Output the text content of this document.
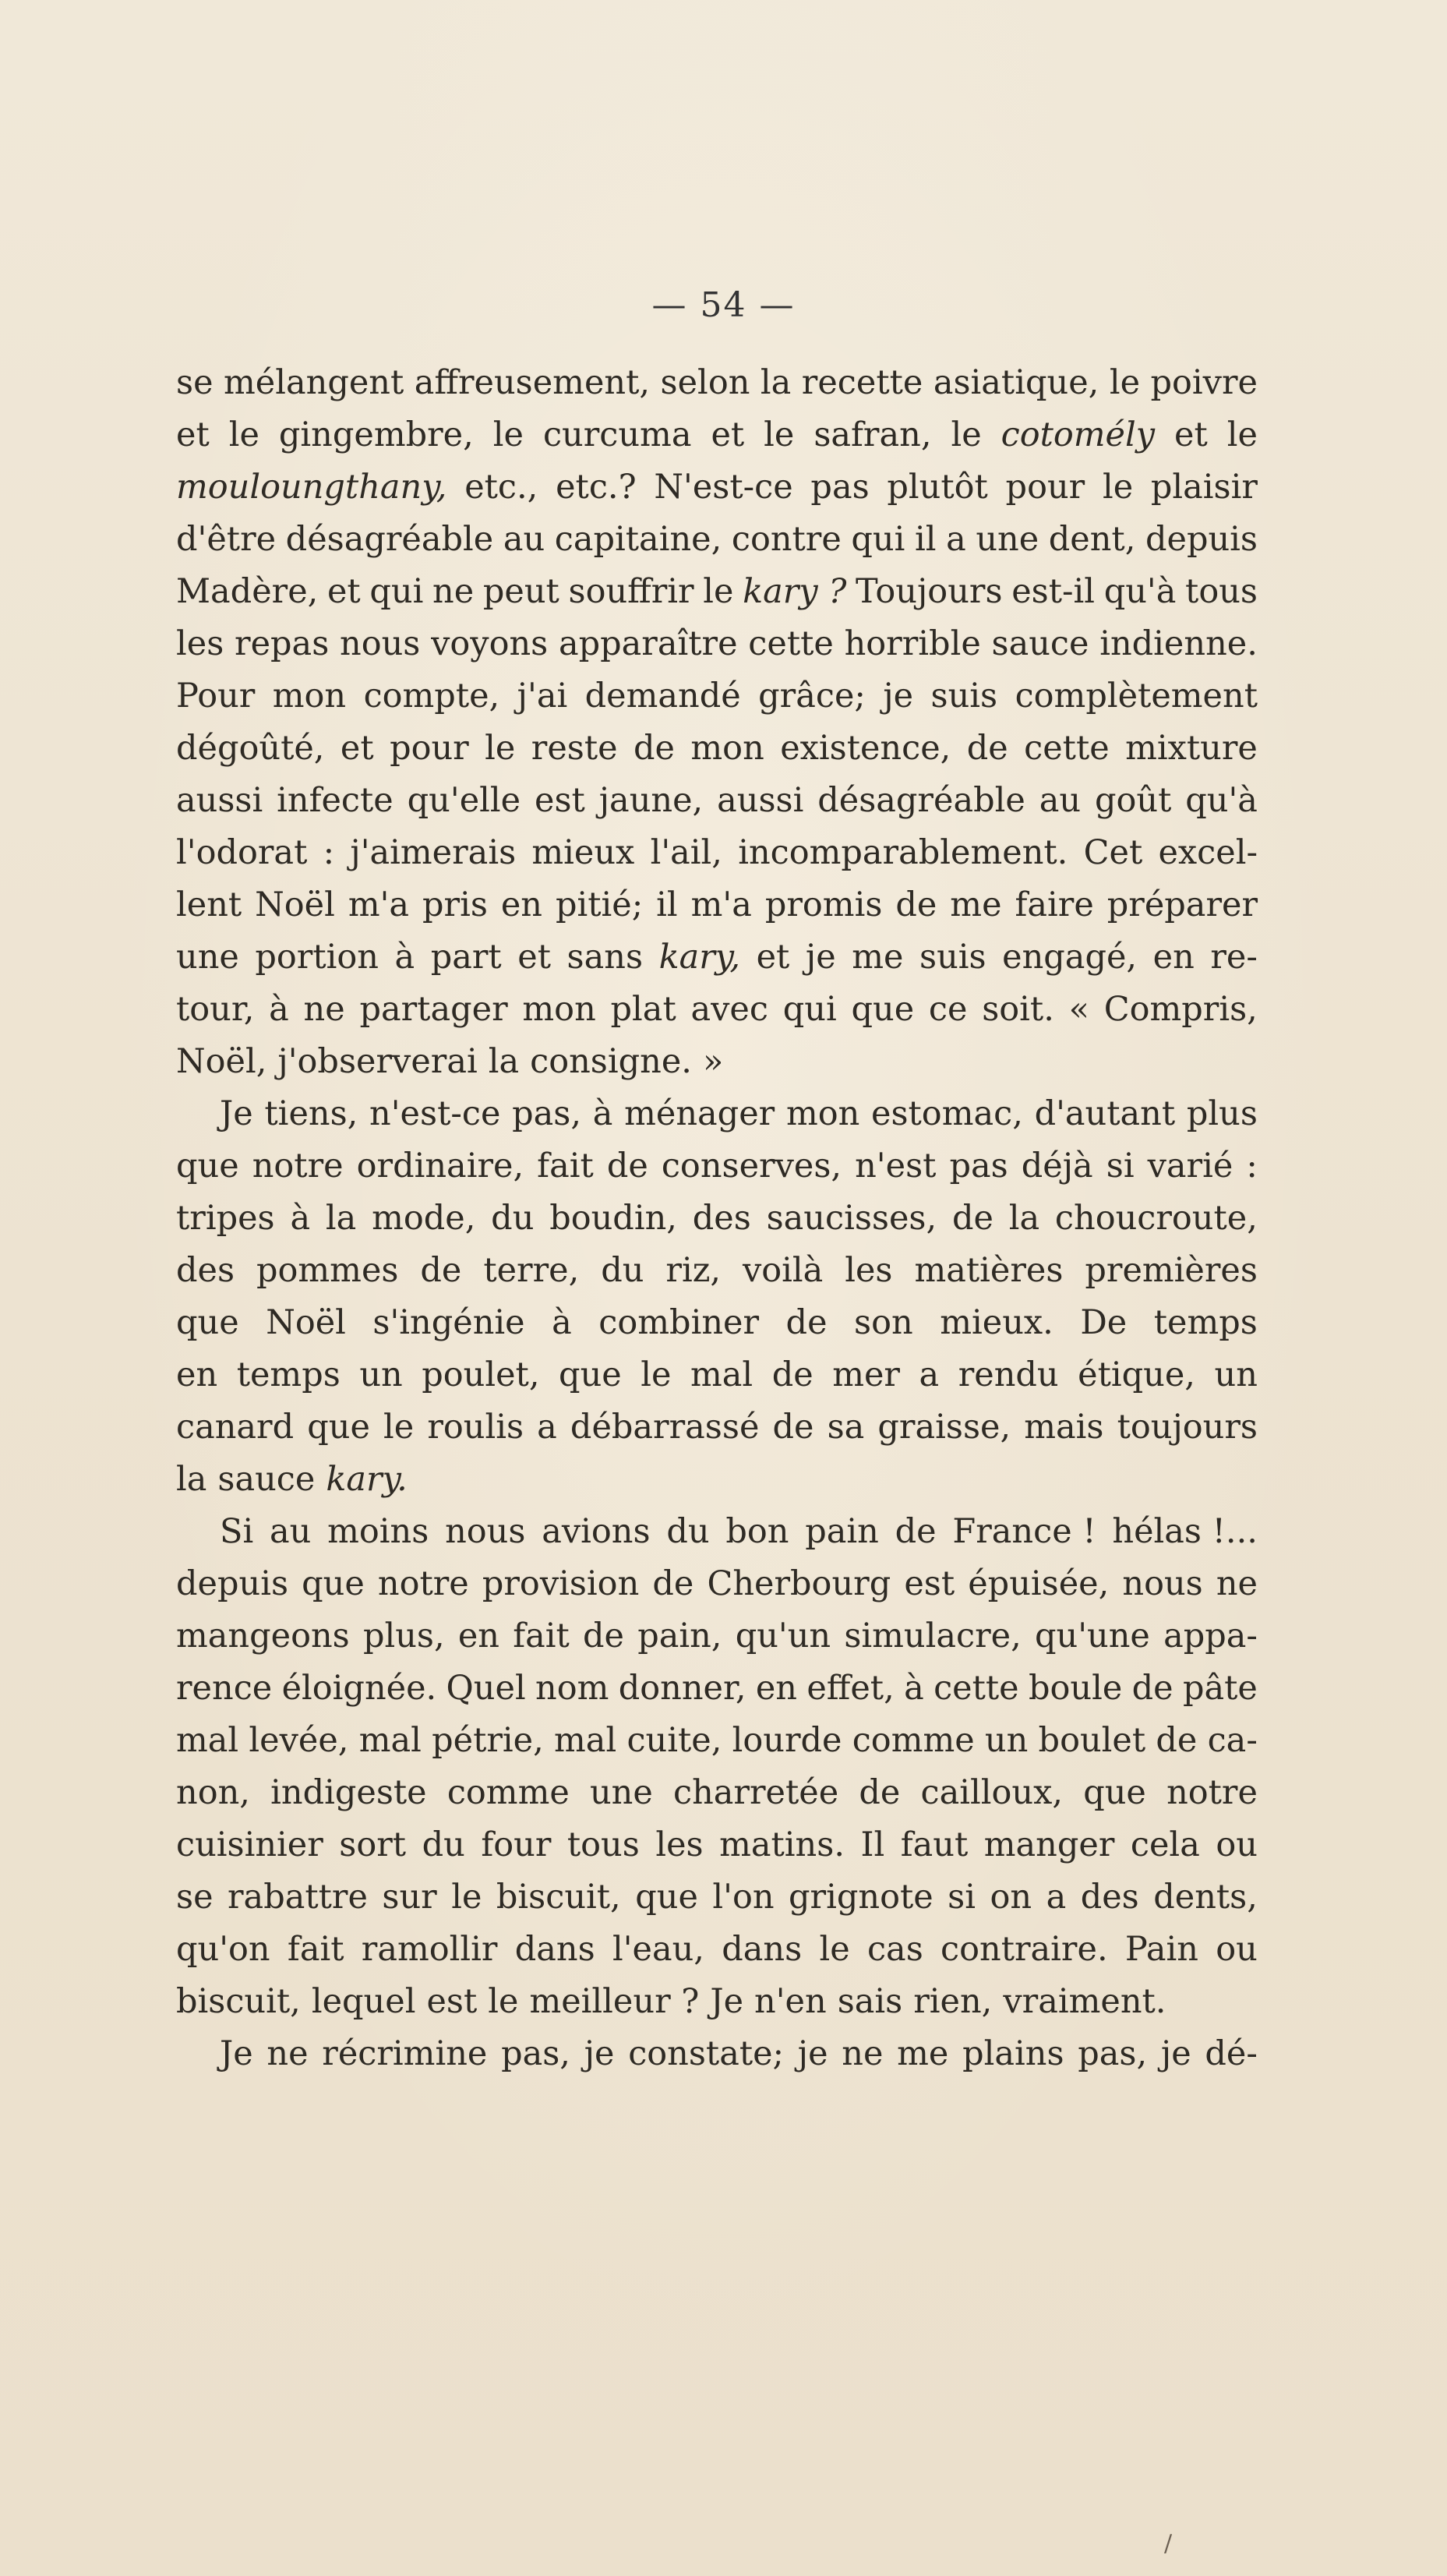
— 54 —
se mélangent affreusement, selon la recette asiatique, le poivre
et le gingembre, le curcuma et le safran, le cotomély et le
mouloungthany, etc., etc.? N'est-ce pas plutôt pour le plaisir
d'être désagréable au capitaine, contre qui il a une dent, depuis
Madère, et qui ne peut souffrir le kary ? Toujours est-il qu'à tous
les repas nous voyons apparaître cette horrible sauce indienne.
Pour mon compte, j'ai demandé grâce; je suis complètement
dégoûté, et pour le reste de mon existence, de cette mixture
aussi infecte qu'elle est jaune, aussi désagréable au goût qu'à
l'odorat : j'aimerais mieux l'ail, incomparablement. Cet excel-
lent Noël m'a pris en pitié; il m'a promis de me faire préparer
une portion à part et sans kary, et je me suis engagé, en re-
tour, à ne partager mon plat avec qui que ce soit. « Compris,
Noël, j'observerai la consigne. »
Je tiens, n'est-ce pas, à ménager mon estomac, d'autant plus
que notre ordinaire, fait de conserves, n'est pas déjà si varié :
tripes à la mode, du boudin, des saucisses, de la choucroute,
des pommes de terre, du riz, voilà les matières premières
que Noël s'ingénie à combiner de son mieux. De temps
en temps un poulet, que le mal de mer a rendu étique, un
canard que le roulis a débarrassé de sa graisse, mais toujours
la sauce kary.
Si au moins nous avions du bon pain de France ! hélas !...
depuis que notre provision de Cherbourg est épuisée, nous ne
mangeons plus, en fait de pain, qu'un simulacre, qu'une appa-
rence éloignée. Quel nom donner, en effet, à cette boule de pâte
mal levée, mal pétrie, mal cuite, lourde comme un boulet de ca-
non, indigeste comme une charretée de cailloux, que notre
cuisinier sort du four tous les matins. Il faut manger cela ou
se rabattre sur le biscuit, que l'on grignote si on a des dents,
qu'on fait ramollir dans l'eau, dans le cas contraire. Pain ou
biscuit, lequel est le meilleur ? Je n'en sais rien, vraiment.
Je ne récrimine pas, je constate; je ne me plains pas, je dé-
/
